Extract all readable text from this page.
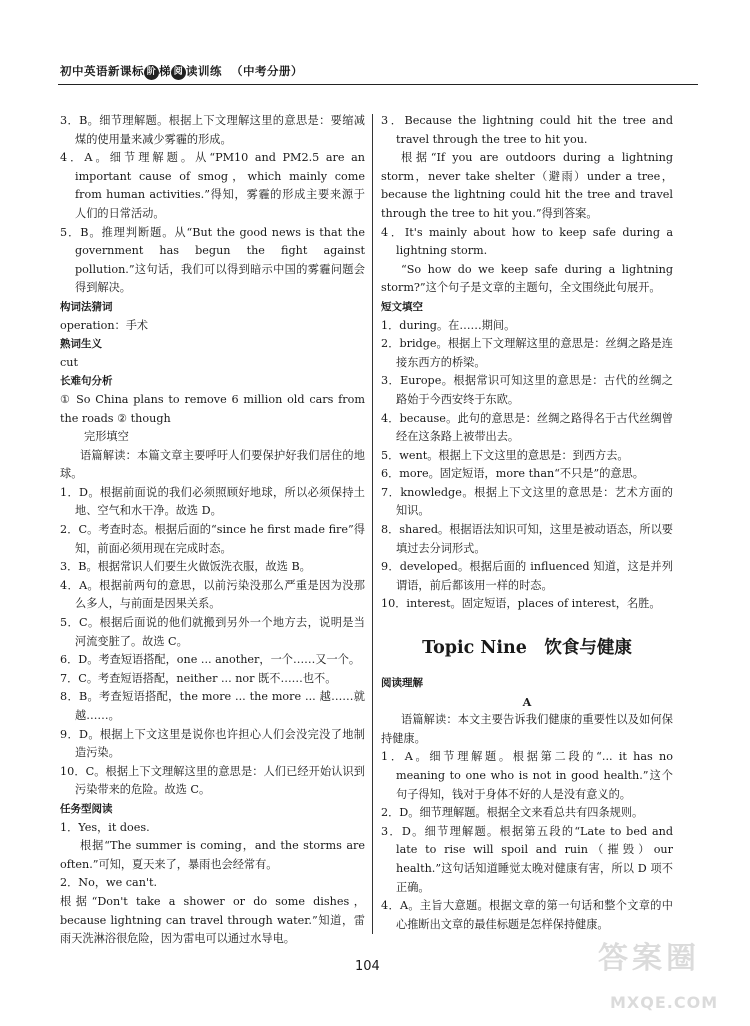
初中英语新课标 阶 梯 阅 读训练 （中考分册）

3．B。细节理解题。根据上下文理解这里的意思是：要缩减煤的使用量来减少雾霾的形成。

4．A。细节理解题。从“PM10 and PM2.5 are an important cause of smog，which mainly come from human activities.”得知，雾霾的形成主要来源于人们的日常活动。

5．B。推理判断题。从“But the good news is that the government has begun the fight against pollution.”这句话，我们可以得到暗示中国的雾霾问题会得到解决。

构词法猜词

operation：手术

熟词生义

cut

长难句分析

① So China plans to remove 6 million old cars from the roads ② though

完形填空

语篇解读：本篇文章主要呼吁人们要保护好我们居住的地球。

1．D。根据前面说的我们必须照顾好地球，所以必须保持土地、空气和水干净。故选 D。

2．C。考查时态。根据后面的“since he first made fire”得知，前面必须用现在完成时态。

3．B。根据常识人们要生火做饭洗衣服，故选 B。

4．A。根据前两句的意思，以前污染没那么严重是因为没那么多人，与前面是因果关系。

5．C。根据后面说的他们就搬到另外一个地方去，说明是当河流变脏了。故选 C。

6．D。考查短语搭配，one ... another，一个……又一个。

7．C。考查短语搭配，neither ... nor 既不……也不。

8．B。考查短语搭配，the more ... the more ... 越……就越……。

9．D。根据上下文这里是说你也许担心人们会没完没了地制造污染。

10．C。根据上下文理解这里的意思是：人们已经开始认识到污染带来的危险。故选 C。

任务型阅读

1．Yes，it does.

根据“The summer is coming，and the storms are often.”可知，夏天来了，暴雨也会经常有。

2．No，we can't.

根据“Don't take a shower or do some dishes，because lightning can travel through water.”知道，雷雨天洗淋浴很危险，因为雷电可以通过水导电。

3．Because the lightning could hit the tree and travel through the tree to hit you.

根据“If you are outdoors during a lightning storm，never take shelter（避雨）under a tree，because the lightning could hit the tree and travel through the tree to hit you.”得到答案。

4．It's mainly about how to keep safe during a lightning storm.

“So how do we keep safe during a lightning storm?”这个句子是文章的主题句，全文围绕此句展开。

短文填空

1．during。在……期间。

2．bridge。根据上下文理解这里的意思是：丝绸之路是连接东西方的桥梁。

3．Europe。根据常识可知这里的意思是：古代的丝绸之路始于今西安终于东欧。

4．because。此句的意思是：丝绸之路得名于古代丝绸曾经在这条路上被带出去。

5．went。根据上下文这里的意思是：到西方去。

6．more。固定短语，more than“不只是”的意思。

7．knowledge。根据上下文这里的意思是：艺术方面的知识。

8．shared。根据语法知识可知，这里是被动语态，所以要填过去分词形式。

9．developed。根据后面的 influenced 知道，这是并列谓语，前后都该用一样的时态。

10．interest。固定短语，places of interest，名胜。

Topic Nine　饮食与健康

阅读理解

A

语篇解读：本文主要告诉我们健康的重要性以及如何保持健康。

1．A。细节理解题。根据第二段的“... it has no meaning to one who is not in good health.”这个句子得知，钱对于身体不好的人是没有意义的。

2．D。细节理解题。根据全文来看总共有四条规则。

3．D。细节理解题。根据第五段的“Late to bed and late to rise will spoil and ruin（摧毁）our health.”这句话知道睡觉太晚对健康有害，所以 D 项不正确。

4．A。主旨大意题。根据文章的第一句话和整个文章的中心推断出文章的最佳标题是怎样保持健康。

104	答案圈
MXQE.COM
